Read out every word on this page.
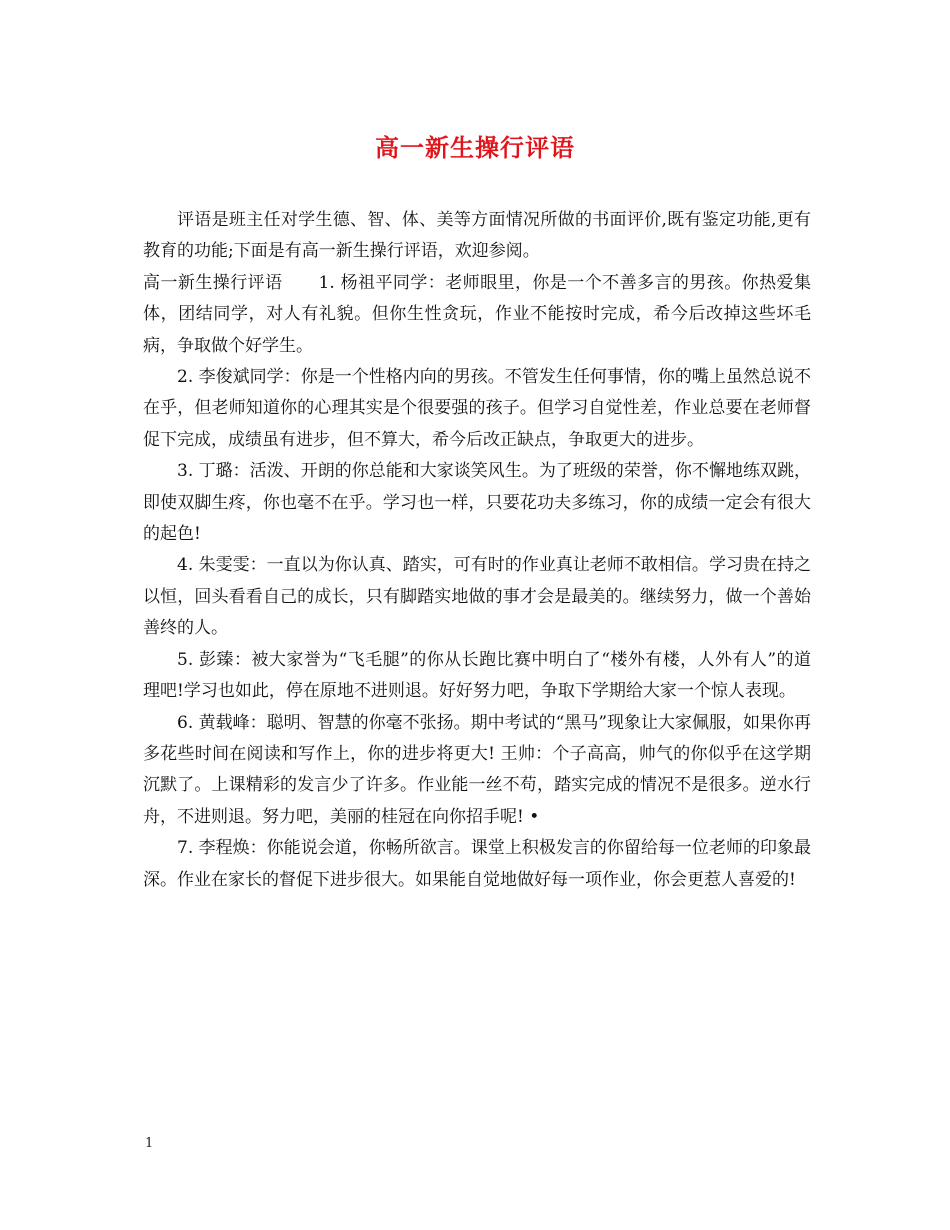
高一新生操行评语

评语是班主任对学生德、智、体、美等方面情况所做的书面评价,既有鉴定功能,更有教育的功能;下面是有高一新生操行评语，欢迎参阅。

高一新生操行评语 1. 杨祖平同学：老师眼里，你是一个不善多言的男孩。你热爱集体，团结同学，对人有礼貌。但你生性贪玩，作业不能按时完成，希今后改掉这些坏毛病，争取做个好学生。

2. 李俊斌同学：你是一个性格内向的男孩。不管发生任何事情，你的嘴上虽然总说不在乎，但老师知道你的心理其实是个很要强的孩子。但学习自觉性差，作业总要在老师督促下完成，成绩虽有进步，但不算大，希今后改正缺点，争取更大的进步。

3. 丁璐：活泼、开朗的你总能和大家谈笑风生。为了班级的荣誉，你不懈地练双跳，即使双脚生疼，你也毫不在乎。学习也一样，只要花功夫多练习，你的成绩一定会有很大的起色!

4. 朱雯雯：一直以为你认真、踏实，可有时的作业真让老师不敢相信。学习贵在持之以恒，回头看看自己的成长，只有脚踏实地做的事才会是最美的。继续努力，做一个善始善终的人。

5. 彭臻：被大家誉为“飞毛腿”的你从长跑比赛中明白了“楼外有楼，人外有人”的道理吧!学习也如此，停在原地不进则退。好好努力吧，争取下学期给大家一个惊人表现。

6. 黄载峰：聪明、智慧的你毫不张扬。期中考试的“黑马”现象让大家佩服，如果你再多花些时间在阅读和写作上，你的进步将更大! 王帅：个子高高，帅气的你似乎在这学期沉默了。上课精彩的发言少了许多。作业能一丝不苟，踏实完成的情况不是很多。逆水行舟，不进则退。努力吧，美丽的桂冠在向你招手呢! •

7. 李程焕：你能说会道，你畅所欲言。课堂上积极发言的你留给每一位老师的印象最深。作业在家长的督促下进步很大。如果能自觉地做好每一项作业，你会更惹人喜爱的!

1
